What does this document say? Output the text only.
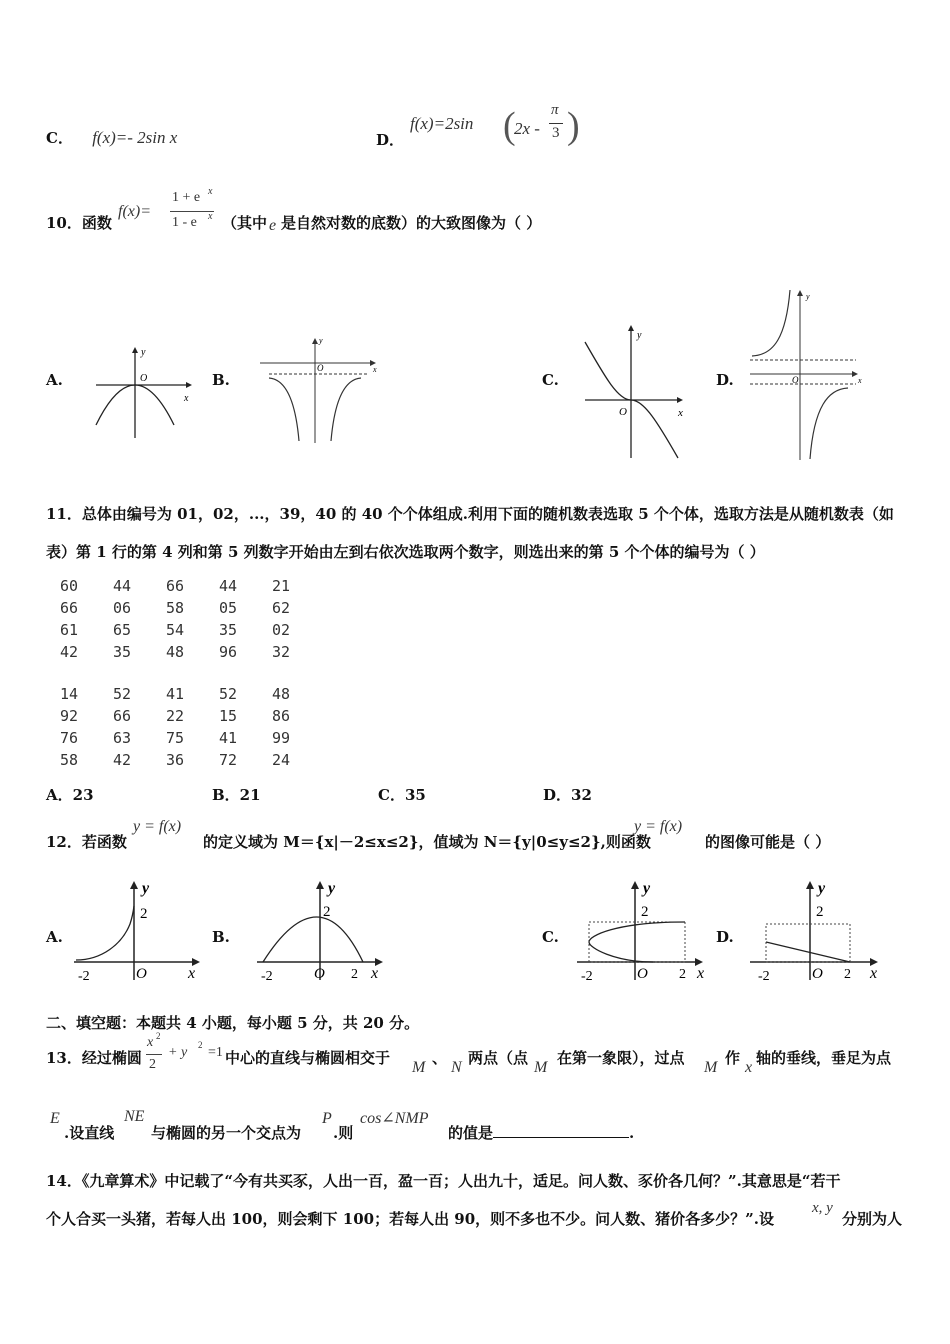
C． f(x)=- 2sin x	D．
f(x)=2sin (
2x -
π
3 )
10．函数
f(x)=
1 + e x
1 - e x （其中 e 是自然对数的底数）的大致图像为（ ）
A.	B.	C.	D.
y
O
x
y
O	x
y
O	x
y
O	x
11．总体由编号为 01，02，...，39，40 的 40 个个体组成.利用下面的随机数表选取 5 个个体，选取方法是从随机数表（如
表）第 1 行的第 4 列和第 5 列数字开始由左到右依次选取两个数字，则选出来的第 5 个个体的编号为（ ）
60 44 66 44 21
66 06 58 05 62
61 65 54 35 02
42 35 48 96 32
14 52 41 52 48
92 66 22 15 86
76 63 75 41 99
58 42 36 72 24
A．23	B．21	C．35	D．32
12．若函数
y = f(x)
的定义域为 M＝{x|－2≤x≤2}，值域为 N＝{y|0≤y≤2},则函数
y = f(x)
的图像可能是（ ）
A.	B.	C.	D.
y
2
-2	O	x
y
2
-2	O 2 x
y
2
-2	O 2 x
y
2
-2	O 2 x
二、填空题：本题共 4 小题，每小题 5 分，共 20 分。
13．经过椭圆
x 2
2
+ y 2 =1 中心的直线与椭圆相交于
M
、
N
两点（点
M
在第一象限），过点
M
作
x
轴的垂线，垂足为点
E
.设直线
NE
与椭圆的另一个交点为
P
.则
cos∠NMP
的值是	.
14．《九章算术》中记载了“今有共买豕，人出一百，盈一百；人出九十，适足。问人数、豕价各几何？”.其意思是“若干
个人合买一头猪，若每人出 100，则会剩下 100；若每人出 90，则不多也不少。问人数、猪价各多少？”.设
x, y
分别为人
